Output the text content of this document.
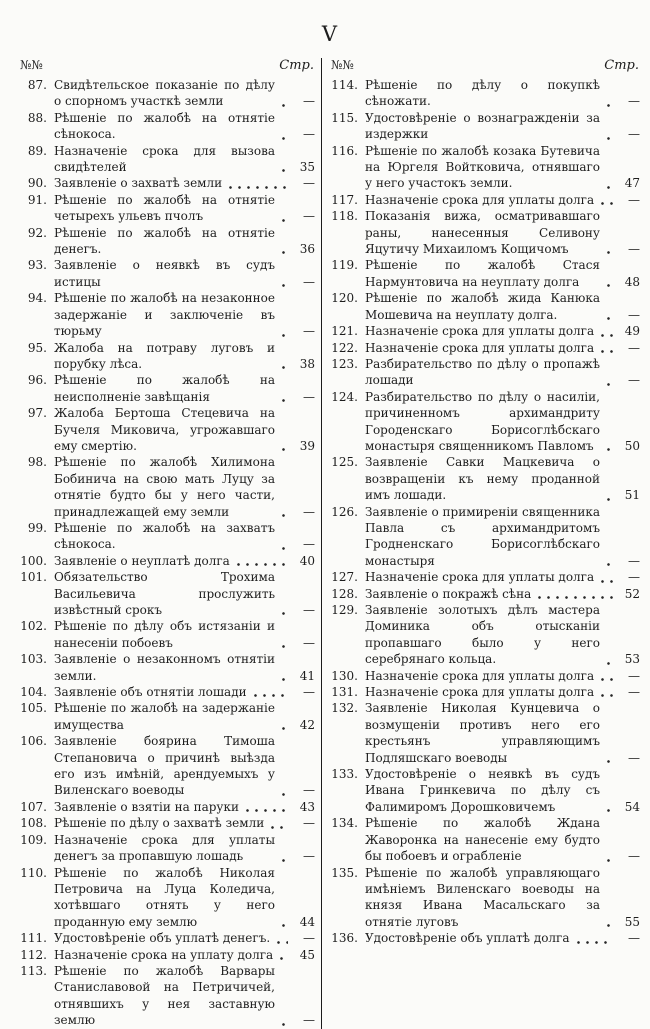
V
№№	Стр.
87. Свидѣтельское показаніе по дѣлу о спорномъ участкѣ земли	—
88. Рѣшеніе по жалобѣ на отнятіе сѣнокоса.	—
89. Назначеніе срока для вызова свидѣтелей	35
90. Заявленіе о захватѣ земли	—
91. Рѣшеніе по жалобѣ на отнятіе четырехъ ульевъ пчолъ	—
92. Рѣшеніе по жалобѣ на отнятіе денегъ.	36
93. Заявленіе о неявкѣ въ судъ истицы	—
94. Рѣшеніе по жалобѣ на незаконное задержаніе и заключеніе въ тюрьму	—
95. Жалоба на потраву луговъ и порубку лѣса.	38
96. Рѣшеніе по жалобѣ на неисполненіе завѣщанія	—
97. Жалоба Бертоша Стецевича на Бучеля Миковича, угрожавшаго ему смертію.	39
98. Рѣшеніе по жалобѣ Хилимона Бобинича на свою мать Луцу за отнятіе будто бы у него части, принадлежащей ему земли	—
99. Рѣшеніе по жалобѣ на захватъ сѣнокоса.	—
100. Заявленіе о неуплатѣ долга	40
101. Обязательство Трохима Васильевича прослужить извѣстный срокъ	—
102. Рѣшеніе по дѣлу объ истязаніи и нанесеніи побоевъ	—
103. Заявленіе о незаконномъ отнятіи земли.	41
104. Заявленіе объ отнятіи лошади	—
105. Рѣшеніе по жалобѣ на задержаніе имущества	42
106. Заявленіе боярина Тимоша Степановича о причинѣ выѣзда его изъ имѣній, арендуемыхъ у Виленскаго воеводы	—
107. Заявленіе о взятіи на паруки	43
108. Рѣшеніе по дѣлу о захватѣ земли	—
109. Назначеніе срока для уплаты денегъ за пропавшую лошадь	—
110. Рѣшеніе по жалобѣ Николая Петровича на Луца Коледича, хотѣвшаго отнять у него проданную ему землю	44
111. Удостовѣреніе объ уплатѣ денегъ.	—
112. Назначеніе срока на уплату долга	45
113. Рѣшеніе по жалобѣ Варвары Станиславовой на Петричичей, отнявшихъ у нея заставную землю	—
№№	Стр.
114. Рѣшеніе по дѣлу о покупкѣ сѣножати.	—
115. Удостовѣреніе о вознагражденіи за издержки	—
116. Рѣшеніе по жалобѣ козака Бутевича на Юргеля Войтковича, отнявшаго у него участокъ земли.	47
117. Назначеніе срока для уплаты долга	—
118. Показанія вижа, осматривавшаго раны, нанесенныя Селивону Яцутичу Михаиломъ Кощичомъ	—
119. Рѣшеніе по жалобѣ Стася Нармунтовича на неуплату долга	48
120. Рѣшеніе по жалобѣ жида Канюка Мошевича на неуплату долга.	—
121. Назначеніе срока для уплаты долга	49
122. Назначеніе срока для уплаты долга	—
123. Разбирательство по дѣлу о пропажѣ лошади	—
124. Разбирательство по дѣлу о насиліи, причиненномъ архимандриту Городенскаго Борисоглѣбскаго монастыря священникомъ Павломъ	50
125. Заявленіе Савки Мацкевича о возвращеніи къ нему проданной имъ лошади.	51
126. Заявленіе о примиреніи священника Павла съ архимандритомъ Гродненскаго Борисоглѣбскаго монастыря	—
127. Назначеніе срока для уплаты долга	—
128. Заявленіе о покражѣ сѣна	52
129. Заявленіе золотыхъ дѣлъ мастера Доминика объ отысканіи пропавшаго было у него серебрянаго кольца.	53
130. Назначеніе срока для уплаты долга	—
131. Назначеніе срока для уплаты долга	—
132. Заявленіе Николая Кунцевича о возмущеніи противъ него его крестьянъ управляющимъ Подляшскаго воеводы	—
133. Удостовѣреніе о неявкѣ въ судъ Ивана Гринкевича по дѣлу съ Фалимиромъ Дорошковичемъ	54
134. Рѣшеніе по жалобѣ Ждана Жаворонка на нанесеніе ему будто бы побоевъ и ограбленіе	—
135. Рѣшеніе по жалобѣ управляющаго имѣніемъ Виленскаго воеводы на князя Ивана Масальскаго за отнятіе луговъ	55
136. Удостовѣреніе объ уплатѣ долга	—
